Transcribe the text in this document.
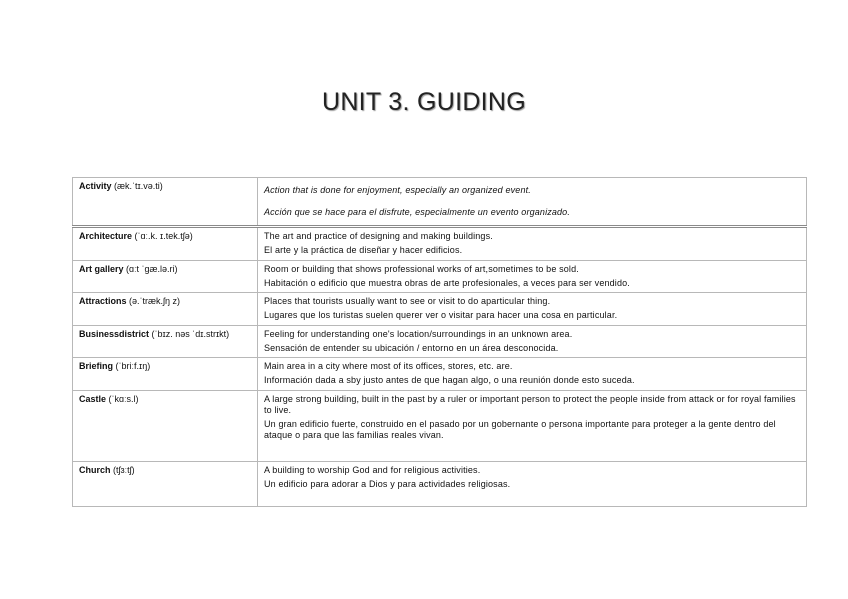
UNIT 3. GUIDING
Activity (æk.ˈtɪ.və.ti)	Action that is done for enjoyment, especially an organized event.
Acción que se hace para el disfrute, especialmente un evento organizado.

Architecture (ˈɑː.k. ɪ.tek.tʃə)	The art and practice of designing and making buildings.
El arte y la práctica de diseñar y hacer edificios.

Art gallery (ɑːt ˈgæ.lə.ri)	Room or building that shows professional works of art,sometimes to be sold.
Habitación o edificio que muestra obras de arte profesionales, a veces para ser vendido.

Attractions (ə.ˈtræk.ʃŋ z)	Places that tourists usually want to see or visit to do aparticular thing.
Lugares que los turistas suelen querer ver o visitar para hacer una cosa en particular.

Businessdistrict (ˈbɪz. nəs ˈdɪ.strɪkt)	Feeling for understanding one's location/surroundings in an unknown area.
Sensación de entender su ubicación / entorno en un área desconocida.

Briefing (ˈbriːf.ɪŋ)	Main area in a city where most of its offices, stores, etc. are.
Información dada a sby justo antes de que hagan algo, o una reunión donde esto suceda.

Castle (ˈkɑːs.l)	A large strong building, built in the past by a ruler or important person to protect the people inside from attack or for royal families to live.
Un gran edificio fuerte, construido en el pasado por un gobernante o persona importante para proteger a la gente dentro del ataque o para que las familias reales vivan.

Church (tʃɜːtʃ)	A building to worship God and for religious activities.
Un edificio para adorar a Dios y para actividades religiosas.
